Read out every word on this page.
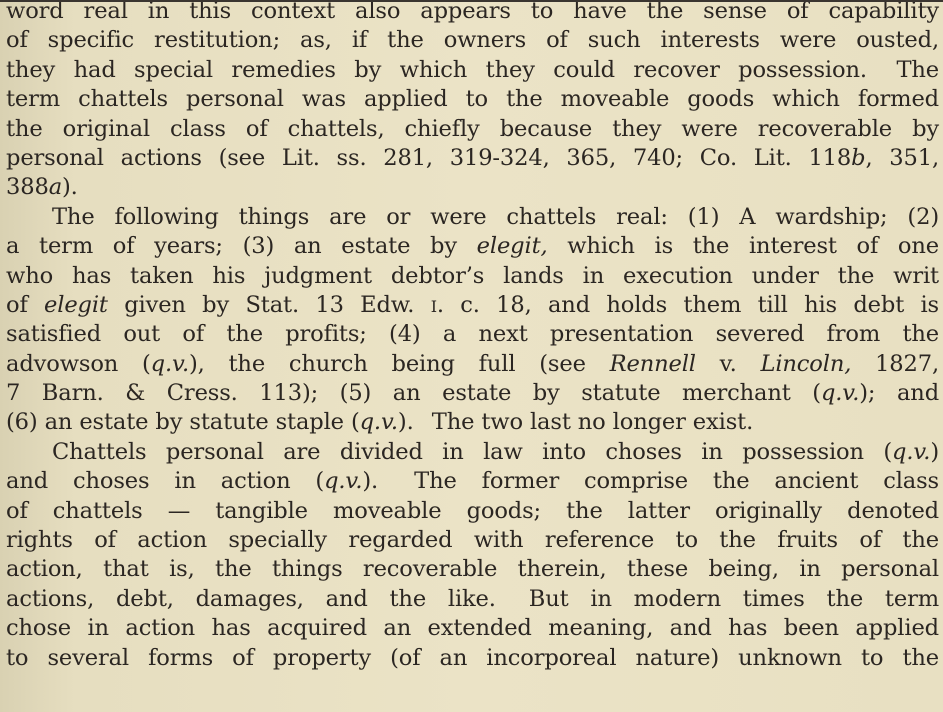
word real in this context also appears to have the sense of capability
of specific restitution; as, if the owners of such interests were ousted,
they had special remedies by which they could recover possession.  The
term chattels personal was applied to the moveable goods which formed
the original class of chattels, chiefly because they were recoverable by
personal actions (see Lit. ss. 281, 319-324, 365, 740; Co. Lit. 118b, 351,
388a).
The following things are or were chattels real: (1) A wardship; (2)
a term of years; (3) an estate by elegit, which is the interest of one
who has taken his judgment debtor’s lands in execution under the writ
of elegit given by Stat. 13 Edw. i. c. 18, and holds them till his debt is
satisfied out of the profits; (4) a next presentation severed from the
advowson (q.v.), the church being full (see Rennell v. Lincoln, 1827,
7 Barn. & Cress. 113); (5) an estate by statute merchant (q.v.); and
(6) an estate by statute staple (q.v.).  The two last no longer exist.
Chattels personal are divided in law into choses in possession (q.v.)
and choses in action (q.v.).  The former comprise the ancient class
of chattels — tangible moveable goods; the latter originally denoted
rights of action specially regarded with reference to the fruits of the
action, that is, the things recoverable therein, these being, in personal
actions, debt, damages, and the like.  But in modern times the term
chose in action has acquired an extended meaning, and has been applied
to several forms of property (of an incorporeal nature) unknown to the
